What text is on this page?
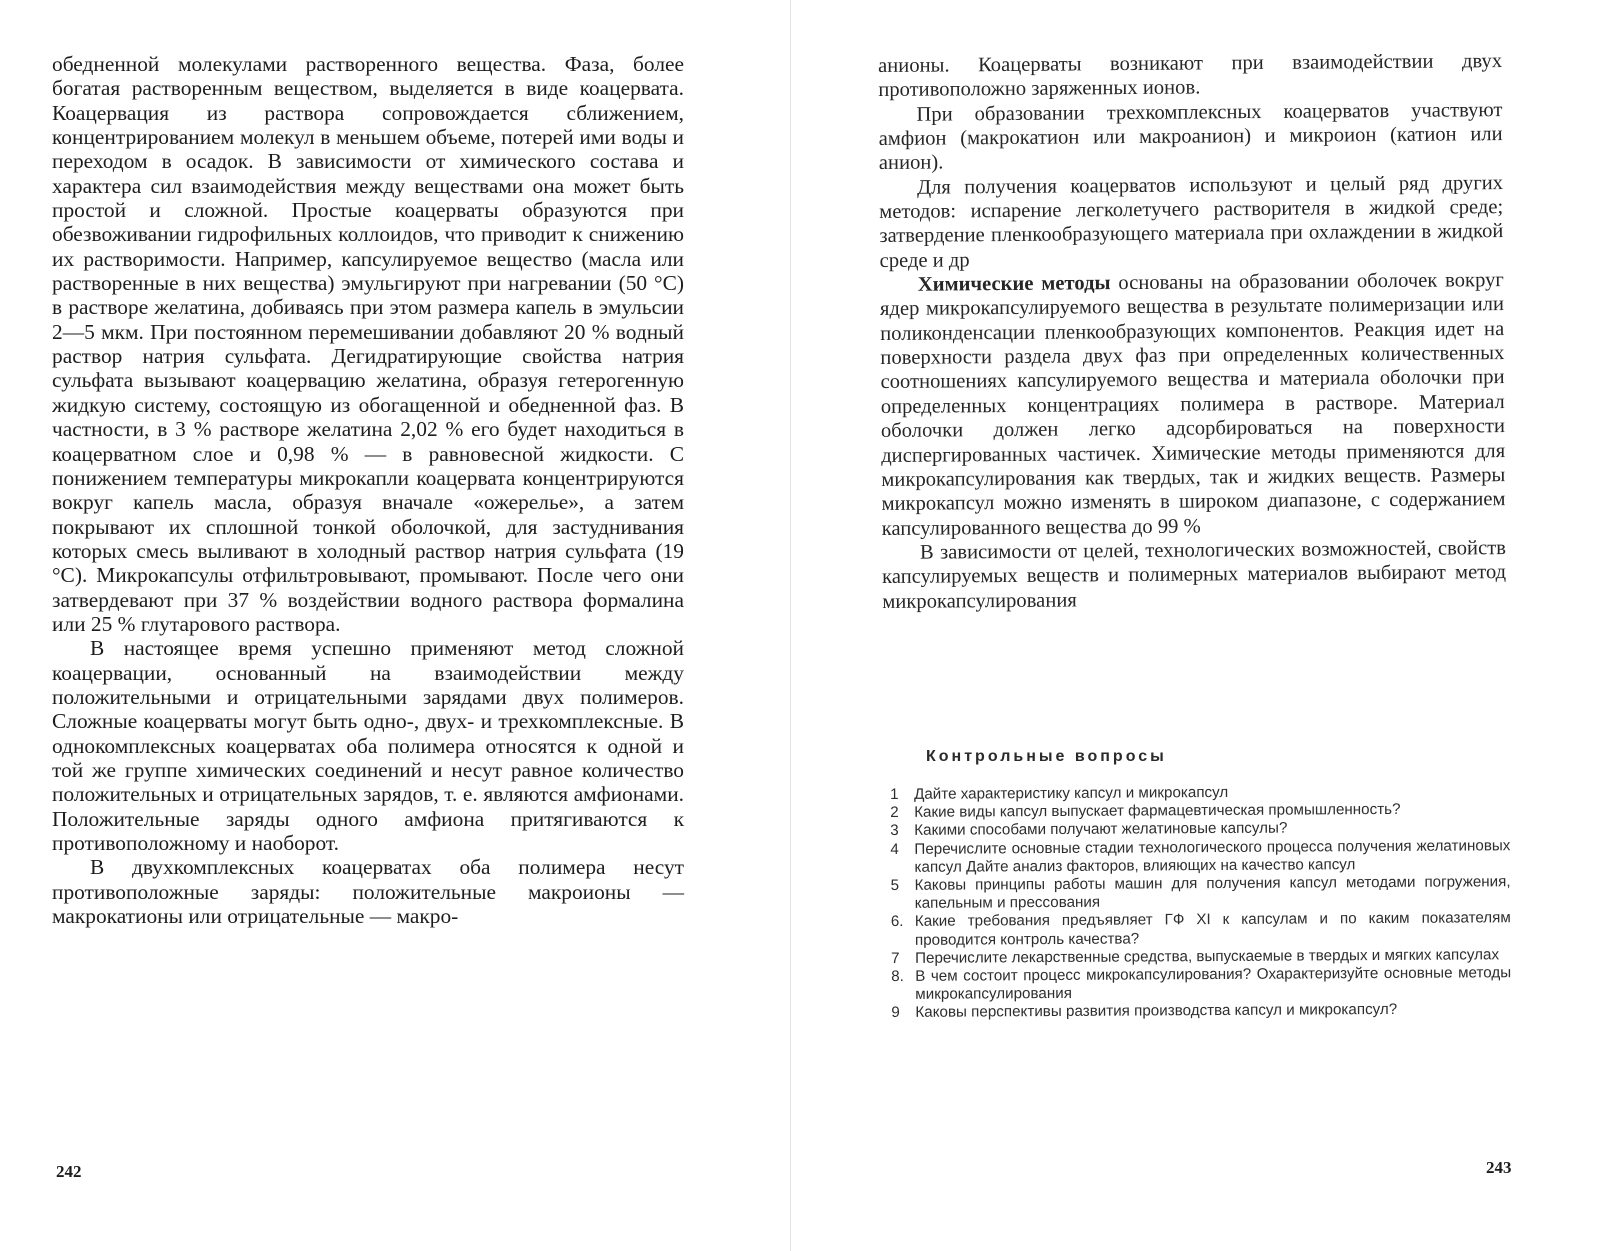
обедненной молекулами растворенного вещества. Фаза, более богатая растворенным веществом, выделяется в виде коацервата. Коацервация из раствора сопровождается сближением, концентрированием молекул в меньшем объеме, потерей ими воды и переходом в осадок. В зависимости от химического состава и характера сил взаимодействия между веществами она может быть простой и сложной. Простые коацерваты образуются при обезвоживании гидрофильных коллоидов, что приводит к снижению их растворимости. Например, капсулируемое вещество (масла или растворенные в них вещества) эмульгируют при нагревании (50 °С) в растворе желатина, добиваясь при этом размера капель в эмульсии 2—5 мкм. При постоянном перемешивании добавляют 20 % водный раствор натрия сульфата. Дегидратирующие свойства натрия сульфата вызывают коацервацию желатина, образуя гетерогенную жидкую систему, состоящую из обогащенной и обедненной фаз. В частности, в 3 % растворе желатина 2,02 % его будет находиться в коацерватном слое и 0,98 % — в равновесной жидкости. С понижением температуры микрокапли коацервата концентрируются вокруг капель масла, образуя вначале «ожерелье», а затем покрывают их сплошной тонкой оболочкой, для застуднивания которых смесь выливают в холодный раствор натрия сульфата (19 °С). Микрокапсулы отфильтровывают, промывают. После чего они затвердевают при 37 % воздействии водного раствора формалина или 25 % глутарового раствора.

В настоящее время успешно применяют метод сложной коацервации, основанный на взаимодействии между положительными и отрицательными зарядами двух полимеров. Сложные коацерваты могут быть одно-, двух- и трехкомплексные. В однокомплексных коацерватах оба полимера относятся к одной и той же группе химических соединений и несут равное количество положительных и отрицательных зарядов, т. е. являются амфионами. Положительные заряды одного амфиона притягиваются к противоположному и наоборот.

В двухкомплексных коацерватах оба полимера несут противоположные заряды: положительные макроионы — макрокатионы или отрицательные — макро-

242

анионы. Коацерваты возникают при взаимодействии двух противоположно заряженных ионов.

При образовании трехкомплексных коацерватов участвуют амфион (макрокатион или макроанион) и микроион (катион или анион).

Для получения коацерватов используют и целый ряд других методов: испарение легколетучего растворителя в жидкой среде; затвердение пленкообразующего материала при охлаждении в жидкой среде и др

Химические методы основаны на образовании оболочек вокруг ядер микрокапсулируемого вещества в результате полимеризации или поликонденсации пленкообразующих компонентов. Реакция идет на поверхности раздела двух фаз при определенных количественных соотношениях капсулируемого вещества и материала оболочки при определенных концентрациях полимера в растворе. Материал оболочки должен легко адсорбироваться на поверхности диспергированных частичек. Химические методы применяются для микрокапсулирования как твердых, так и жидких веществ. Размеры микрокапсул можно изменять в широком диапазоне, с содержанием капсулированного вещества до 99 %

В зависимости от целей, технологических возможностей, свойств капсулируемых веществ и полимерных материалов выбирают метод микрокапсулирования

Контрольные вопросы
1	Дайте характеристику капсул и микрокапсул
2	Какие виды капсул выпускает фармацевтическая промышленность?
3	Какими способами получают желатиновые капсулы?
4	Перечислите основные стадии технологического процесса получения желатиновых капсул Дайте анализ факторов, влияющих на качество капсул
5	Каковы принципы работы машин для получения капсул методами погружения, капельным и прессования
6. Какие требования предъявляет ГФ XI к капсулам и по каким показателям проводится контроль качества?
7	Перечислите лекарственные средства, выпускаемые в твердых и мягких капсулах
8. В чем состоит процесс микрокапсулирования? Охарактеризуйте основные методы микрокапсулирования
9	Каковы перспективы развития производства капсул и микрокапсул?
243
